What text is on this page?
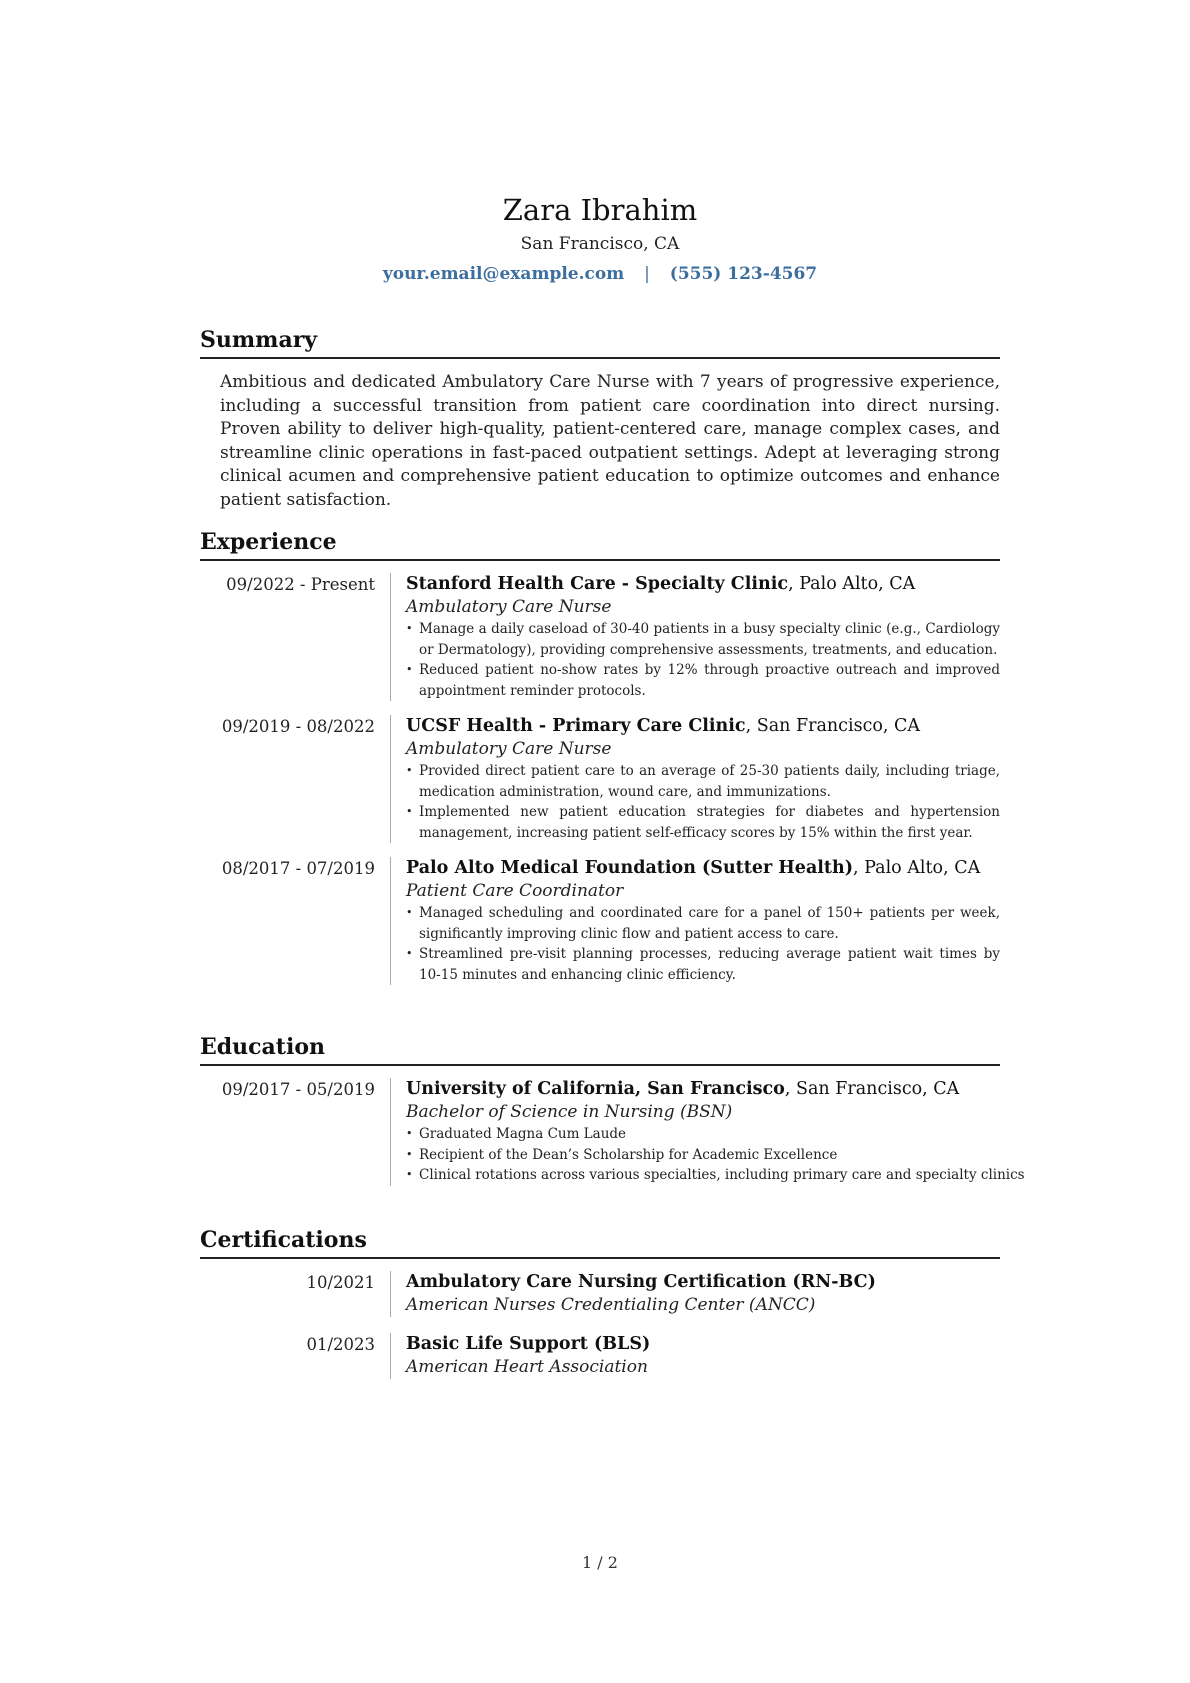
Zara Ibrahim
San Francisco, CA
your.email@example.com | (555) 123-4567
Summary

Ambitious and dedicated Ambulatory Care Nurse with 7 years of progressive experience, including a successful transition from patient care coordination into direct nursing. Proven ability to deliver high-quality, patient-centered care, manage complex cases, and streamline clinic operations in fast-paced outpatient settings. Adept at leveraging strong clinical acumen and comprehensive patient education to optimize outcomes and enhance patient satisfaction.

Experience
09/2022 - Present Stanford Health Care - Specialty Clinic, Palo Alto, CA
Ambulatory Care Nurse
• Manage a daily caseload of 30-40 patients in a busy specialty clinic (e.g., Cardiology or Dermatology), providing comprehensive assessments, treatments, and education.
• Reduced patient no-show rates by 12% through proactive outreach and improved appointment reminder protocols.
09/2019 - 08/2022 UCSF Health - Primary Care Clinic, San Francisco, CA
Ambulatory Care Nurse
• Provided direct patient care to an average of 25-30 patients daily, including triage, medication administration, wound care, and immunizations.
• Implemented new patient education strategies for diabetes and hypertension management, increasing patient self-efficacy scores by 15% within the first year.
08/2017 - 07/2019 Palo Alto Medical Foundation (Sutter Health), Palo Alto, CA
Patient Care Coordinator
• Managed scheduling and coordinated care for a panel of 150+ patients per week, significantly improving clinic flow and patient access to care.
• Streamlined pre-visit planning processes, reducing average patient wait times by 10-15 minutes and enhancing clinic efficiency.
Education
09/2017 - 05/2019 University of California, San Francisco, San Francisco, CA
Bachelor of Science in Nursing (BSN)
• Graduated Magna Cum Laude
• Recipient of the Dean’s Scholarship for Academic Excellence
• Clinical rotations across various specialties, including primary care and specialty clinics
Certifications
10/2021 Ambulatory Care Nursing Certification (RN-BC)
American Nurses Credentialing Center (ANCC)
01/2023 Basic Life Support (BLS)
American Heart Association
1 / 2
